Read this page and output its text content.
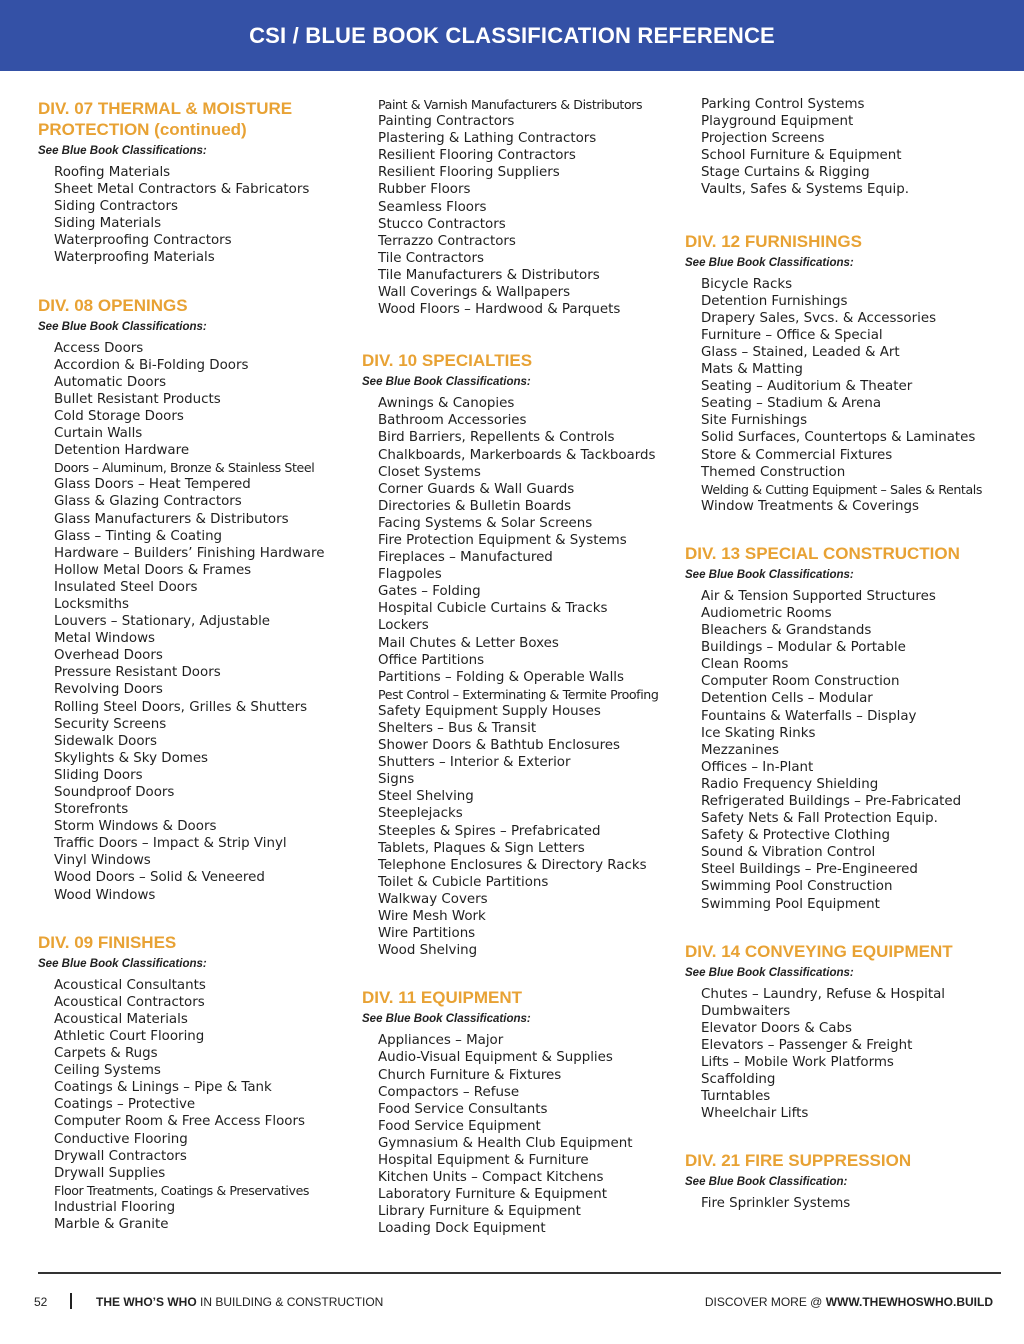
CSI / BLUE BOOK CLASSIFICATION REFERENCE
DIV. 07 THERMAL & MOISTURE
PROTECTION (continued)
See Blue Book Classifications:
Roofing Materials
Sheet Metal Contractors & Fabricators
Siding Contractors
Siding Materials
Waterproofing Contractors
Waterproofing Materials
DIV. 08 OPENINGS
See Blue Book Classifications:
Access Doors
Accordion & Bi-Folding Doors
Automatic Doors
Bullet Resistant Products
Cold Storage Doors
Curtain Walls
Detention Hardware
Doors – Aluminum, Bronze & Stainless Steel
Glass Doors – Heat Tempered
Glass & Glazing Contractors
Glass Manufacturers & Distributors
Glass – Tinting & Coating
Hardware – Builders’ Finishing Hardware
Hollow Metal Doors & Frames
Insulated Steel Doors
Locksmiths
Louvers – Stationary, Adjustable
Metal Windows
Overhead Doors
Pressure Resistant Doors
Revolving Doors
Rolling Steel Doors, Grilles & Shutters
Security Screens
Sidewalk Doors
Skylights & Sky Domes
Sliding Doors
Soundproof Doors
Storefronts
Storm Windows & Doors
Traffic Doors – Impact & Strip Vinyl
Vinyl Windows
Wood Doors – Solid & Veneered
Wood Windows
DIV. 09 FINISHES
See Blue Book Classifications:
Acoustical Consultants
Acoustical Contractors
Acoustical Materials
Athletic Court Flooring
Carpets & Rugs
Ceiling Systems
Coatings & Linings – Pipe & Tank
Coatings – Protective
Computer Room & Free Access Floors
Conductive Flooring
Drywall Contractors
Drywall Supplies
Floor Treatments, Coatings & Preservatives
Industrial Flooring
Marble & Granite
Paint & Varnish Manufacturers & Distributors
Painting Contractors
Plastering & Lathing Contractors
Resilient Flooring Contractors
Resilient Flooring Suppliers
Rubber Floors
Seamless Floors
Stucco Contractors
Terrazzo Contractors
Tile Contractors
Tile Manufacturers & Distributors
Wall Coverings & Wallpapers
Wood Floors – Hardwood & Parquets
DIV. 10 SPECIALTIES
See Blue Book Classifications:
Awnings & Canopies
Bathroom Accessories
Bird Barriers, Repellents & Controls
Chalkboards, Markerboards & Tackboards
Closet Systems
Corner Guards & Wall Guards
Directories & Bulletin Boards
Facing Systems & Solar Screens
Fire Protection Equipment & Systems
Fireplaces – Manufactured
Flagpoles
Gates – Folding
Hospital Cubicle Curtains & Tracks
Lockers
Mail Chutes & Letter Boxes
Office Partitions
Partitions – Folding & Operable Walls
Pest Control – Exterminating & Termite Proofing
Safety Equipment Supply Houses
Shelters – Bus & Transit
Shower Doors & Bathtub Enclosures
Shutters – Interior & Exterior
Signs
Steel Shelving
Steeplejacks
Steeples & Spires – Prefabricated
Tablets, Plaques & Sign Letters
Telephone Enclosures & Directory Racks
Toilet & Cubicle Partitions
Walkway Covers
Wire Mesh Work
Wire Partitions
Wood Shelving
DIV. 11 EQUIPMENT
See Blue Book Classifications:
Appliances – Major
Audio-Visual Equipment & Supplies
Church Furniture & Fixtures
Compactors – Refuse
Food Service Consultants
Food Service Equipment
Gymnasium & Health Club Equipment
Hospital Equipment & Furniture
Kitchen Units – Compact Kitchens
Laboratory Furniture & Equipment
Library Furniture & Equipment
Loading Dock Equipment
Parking Control Systems
Playground Equipment
Projection Screens
School Furniture & Equipment
Stage Curtains & Rigging
Vaults, Safes & Systems Equip.
DIV. 12 FURNISHINGS
See Blue Book Classifications:
Bicycle Racks
Detention Furnishings
Drapery Sales, Svcs. & Accessories
Furniture – Office & Special
Glass – Stained, Leaded & Art
Mats & Matting
Seating – Auditorium & Theater
Seating – Stadium & Arena
Site Furnishings
Solid Surfaces, Countertops & Laminates
Store & Commercial Fixtures
Themed Construction
Welding & Cutting Equipment – Sales & Rentals
Window Treatments & Coverings
DIV. 13 SPECIAL CONSTRUCTION
See Blue Book Classifications:
Air & Tension Supported Structures
Audiometric Rooms
Bleachers & Grandstands
Buildings – Modular & Portable
Clean Rooms
Computer Room Construction
Detention Cells – Modular
Fountains & Waterfalls – Display
Ice Skating Rinks
Mezzanines
Offices – In-Plant
Radio Frequency Shielding
Refrigerated Buildings – Pre-Fabricated
Safety Nets & Fall Protection Equip.
Safety & Protective Clothing
Sound & Vibration Control
Steel Buildings – Pre-Engineered
Swimming Pool Construction
Swimming Pool Equipment
DIV. 14 CONVEYING EQUIPMENT
See Blue Book Classifications:
Chutes – Laundry, Refuse & Hospital
Dumbwaiters
Elevator Doors & Cabs
Elevators – Passenger & Freight
Lifts – Mobile Work Platforms
Scaffolding
Turntables
Wheelchair Lifts
DIV. 21 FIRE SUPPRESSION
See Blue Book Classification:
Fire Sprinkler Systems
52	THE WHO’S WHO IN BUILDING & CONSTRUCTION	DISCOVER MORE @ WWW.THEWHOSWHO.BUILD
